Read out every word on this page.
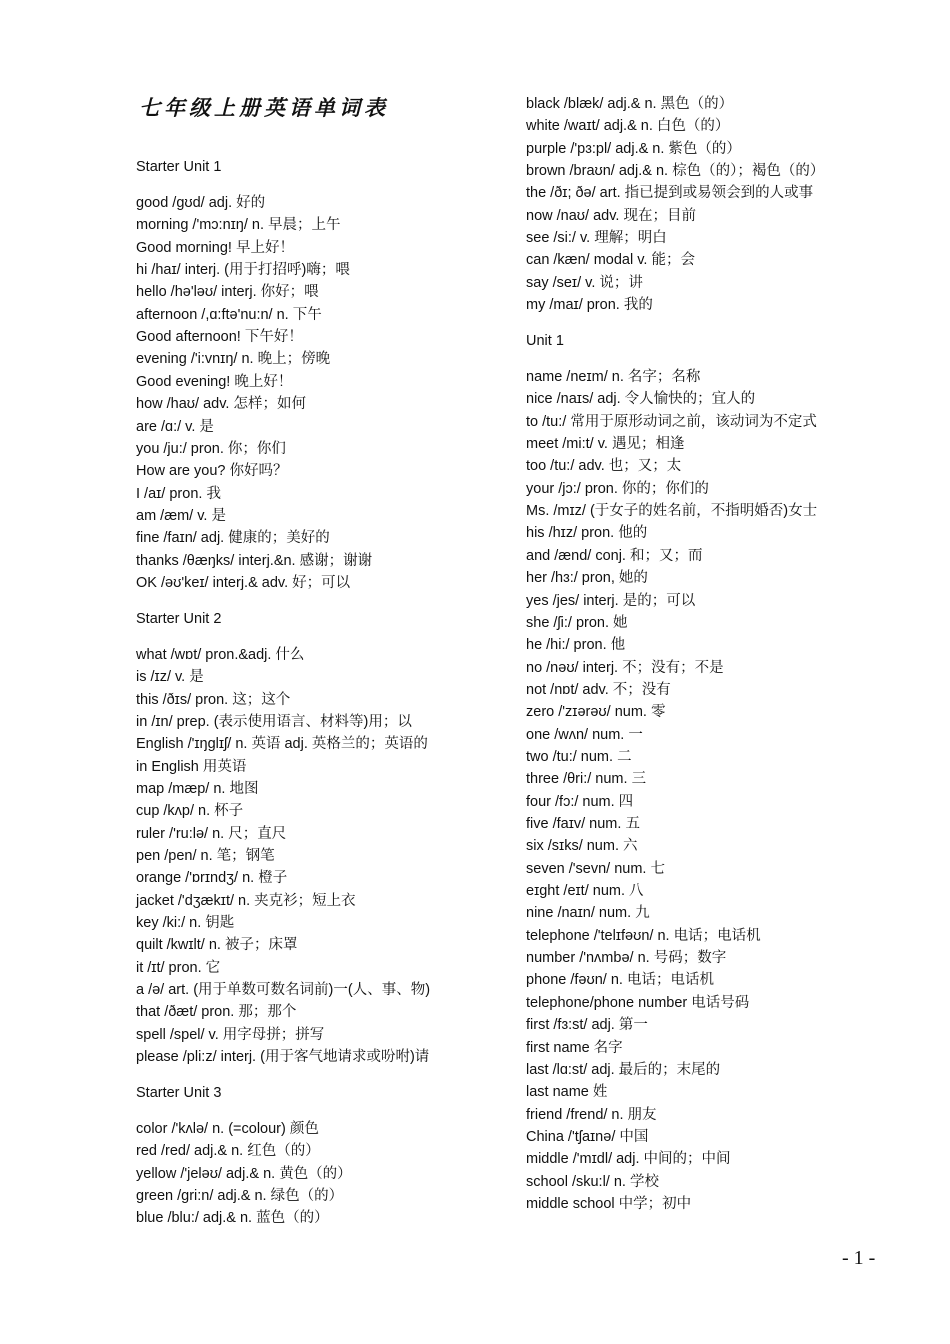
七年级上册英语单词表
Starter Unit 1
good /gʊd/ adj. 好的
morning /'mɔ:nɪŋ/ n. 早晨；上午
Good morning! 早上好！
hi /haɪ/ interj. (用于打招呼)嗨；喂
hello /hə'ləʊ/ interj. 你好；喂
afternoon /,ɑ:ftə'nu:n/ n. 下午
Good afternoon! 下午好！
evening /'i:vnɪŋ/ n. 晚上；傍晚
Good evening! 晚上好！
how /haʊ/ adv. 怎样；如何
are /ɑ:/ v. 是
you /ju:/ pron. 你；你们
How are you? 你好吗？
I /aɪ/ pron. 我
am /æm/ v. 是
fine /faɪn/ adj. 健康的；美好的
thanks /θæŋks/ interj.&n. 感谢；谢谢
OK /əʊ'keɪ/ interj.& adv. 好；可以
Starter Unit 2
what /wɒt/ pron.&adj. 什么
is /ɪz/ v. 是
this /ðɪs/ pron. 这；这个
in /ɪn/ prep. (表示使用语言、材料等)用；以
English /'ɪŋglɪʃ/ n. 英语 adj. 英格兰的；英语的
in English 用英语
map /mæp/ n. 地图
cup /kʌp/ n. 杯子
ruler /'ru:lə/ n. 尺；直尺
pen /pen/ n. 笔；钢笔
orange /'ɒrɪndʒ/ n. 橙子
jacket /'dʒækɪt/ n. 夹克衫；短上衣
key /ki:/ n. 钥匙
quilt /kwɪlt/ n. 被子；床罩
it /ɪt/ pron. 它
a /ə/ art. (用于单数可数名词前)一(人、事、物)
that /ðæt/ pron. 那；那个
spell /spel/ v. 用字母拼；拼写
please /pli:z/ interj. (用于客气地请求或吩咐)请
Starter Unit 3
color /'kʌlə/ n. (=colour) 颜色
red /red/ adj.& n. 红色（的）
yellow /'jeləʊ/ adj.& n. 黄色（的）
green /gri:n/ adj.& n. 绿色（的）
blue /blu:/ adj.& n. 蓝色（的）
black /blæk/ adj.& n. 黑色（的）
white /waɪt/ adj.& n. 白色（的）
purple /'pɜ:pl/ adj.& n. 紫色（的）
brown /braʊn/ adj.& n. 棕色（的）；褐色（的）
the /ðɪ; ðə/ art. 指已提到或易领会到的人或事
now /naʊ/ adv. 现在；目前
see /si:/ v. 理解；明白
can /kæn/ modal v. 能；会
say /seɪ/ v. 说；讲
my /maɪ/ pron. 我的
Unit 1
name /neɪm/ n. 名字；名称
nice /naɪs/ adj. 令人愉快的；宜人的
to /tu:/ 常用于原形动词之前，该动词为不定式
meet /mi:t/ v. 遇见；相逢
too /tu:/ adv. 也；又；太
your /jɔ:/ pron. 你的；你们的
Ms. /mɪz/ (于女子的姓名前，不指明婚否)女士
his /hɪz/ pron. 他的
and /ænd/ conj. 和；又；而
her /hɜ:/ pron, 她的
yes /jes/ interj. 是的；可以
she /ʃi:/ pron. 她
he /hi:/ pron. 他
no /nəʊ/ interj. 不；没有；不是
not /nɒt/ adv. 不；没有
zero /'zɪərəʊ/ num. 零
one /wʌn/ num. 一
two /tu:/ num. 二
three /θri:/ num. 三
four /fɔ:/ num. 四
five /faɪv/ num. 五
six /sɪks/ num. 六
seven /'sevn/ num. 七
eɪght /eɪt/ num. 八
nine /naɪn/ num. 九
telephone /'telɪfəʊn/ n. 电话；电话机
number /'nʌmbə/ n. 号码；数字
phone /fəʊn/ n. 电话；电话机
telephone/phone number 电话号码
first /fɜ:st/ adj. 第一
first name 名字
last /lɑ:st/ adj. 最后的；末尾的
last name 姓
friend /frend/ n. 朋友
China /'tʃaɪnə/ 中国
middle /'mɪdl/ adj. 中间的；中间
school /sku:l/ n. 学校
middle school 中学；初中
- 1 -
